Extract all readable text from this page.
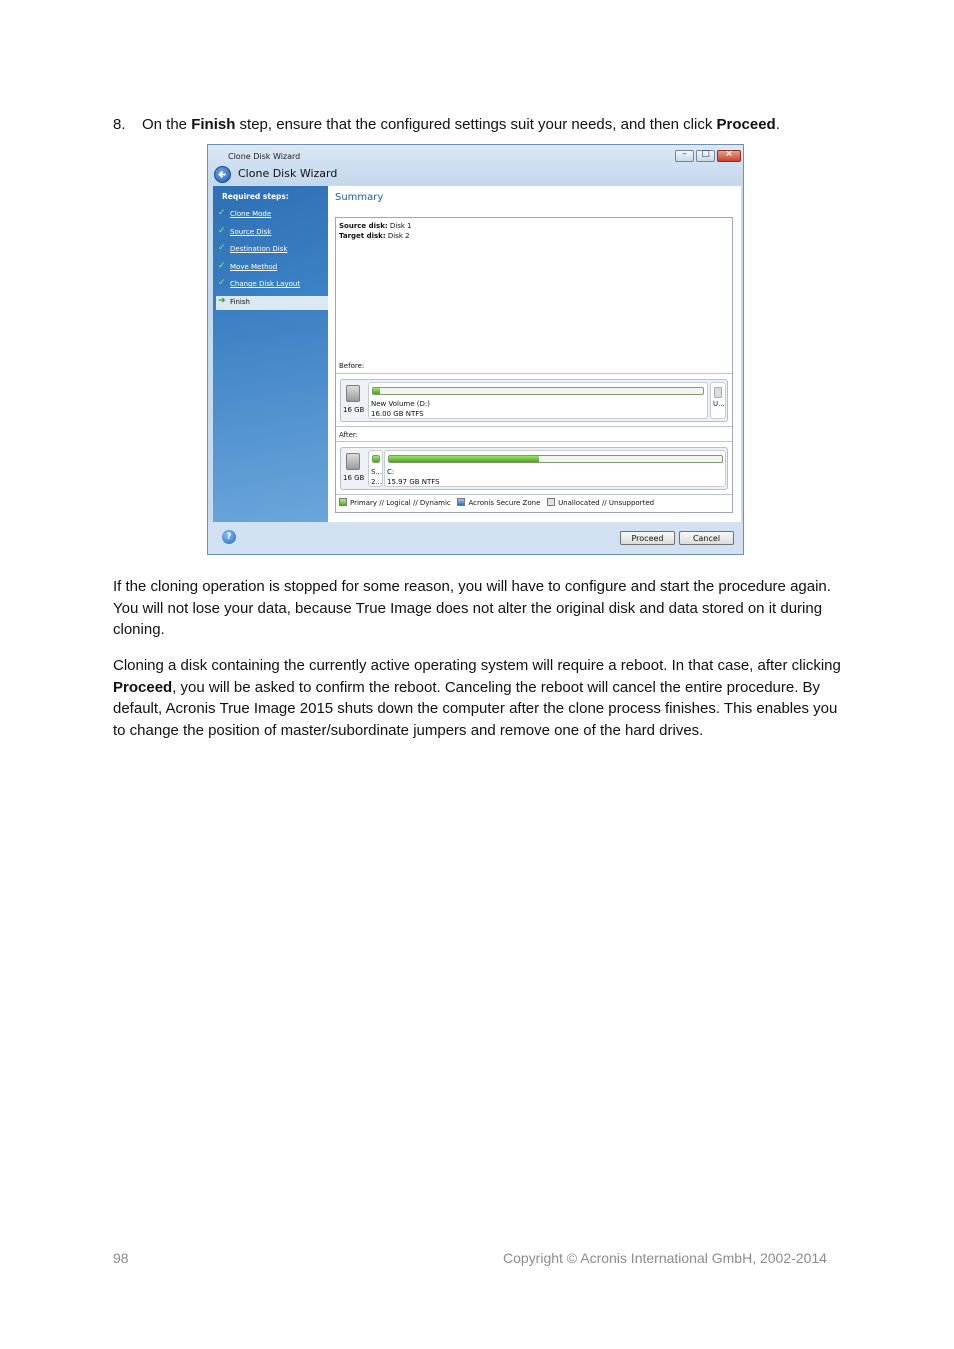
8. On the Finish step, ensure that the configured settings suit your needs, and then click Proceed.
Clone Disk Wizard
Clone Disk Wizard
–	□	×
Required steps:
✓ Clone Mode
✓ Source Disk
✓ Destination Disk
✓ Move Method
✓ Change Disk Layout
➔ Finish
Summary
Source disk: Disk 1
Target disk: Disk 2
Before:
16 GB
New Volume (D:)
16.00 GB NTFS
U...
After:
16 GB
S...
2...
C:
15.97 GB NTFS
Primary // Logical // Dynamic	Acronis Secure Zone	Unallocated // Unsupported
?	Proceed	Cancel

If the cloning operation is stopped for some reason, you will have to configure and start the procedure again. You will not lose your data, because True Image does not alter the original disk and data stored on it during cloning.

Cloning a disk containing the currently active operating system will require a reboot. In that case, after clicking Proceed, you will be asked to confirm the reboot. Canceling the reboot will cancel the entire procedure. By default, Acronis True Image 2015 shuts down the computer after the clone process finishes. This enables you to change the position of master/subordinate jumpers and remove one of the hard drives.

98	Copyright © Acronis International GmbH, 2002-2014
